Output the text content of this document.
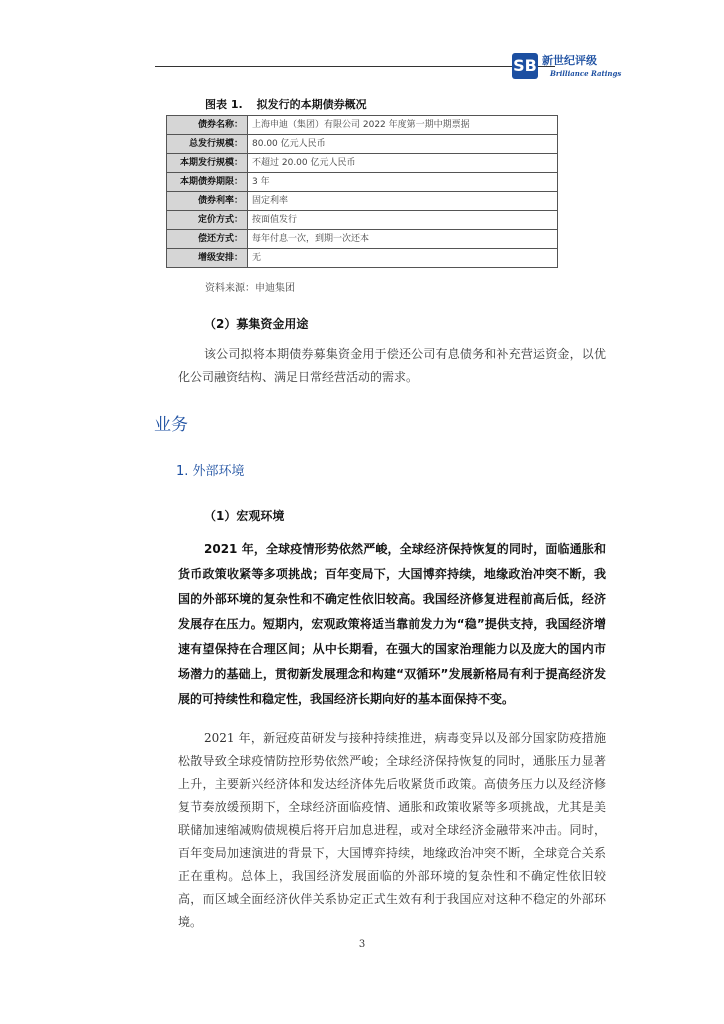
SB 新世纪评级
Brilliance Ratings
图表 1. 拟发行的本期债券概况
债券名称：	上海申迪（集团）有限公司 2022 年度第一期中期票据
总发行规模：	80.00 亿元人民币
本期发行规模：	不超过 20.00 亿元人民币
本期债券期限：	3 年
债券利率：	固定利率
定价方式：	按面值发行
偿还方式：	每年付息一次，到期一次还本
增级安排：	无
资料来源：申迪集团
（2）募集资金用途

该公司拟将本期债券募集资金用于偿还公司有息债务和补充营运资金，以优化公司融资结构、满足日常经营活动的需求。

业务
1. 外部环境
（1）宏观环境

2021 年，全球疫情形势依然严峻，全球经济保持恢复的同时，面临通胀和货币政策收紧等多项挑战；百年变局下，大国博弈持续，地缘政治冲突不断，我国的外部环境的复杂性和不确定性依旧较高。我国经济修复进程前高后低，经济发展存在压力。短期内，宏观政策将适当靠前发力为“稳”提供支持，我国经济增速有望保持在合理区间；从中长期看，在强大的国家治理能力以及庞大的国内市场潜力的基础上，贯彻新发展理念和构建“双循环”发展新格局有利于提高经济发展的可持续性和稳定性，我国经济长期向好的基本面保持不变。

2021 年，新冠疫苗研发与接种持续推进，病毒变异以及部分国家防疫措施松散导致全球疫情防控形势依然严峻；全球经济保持恢复的同时，通胀压力显著上升，主要新兴经济体和发达经济体先后收紧货币政策。高债务压力以及经济修复节奏放缓预期下，全球经济面临疫情、通胀和政策收紧等多项挑战，尤其是美联储加速缩减购债规模后将开启加息进程，或对全球经济金融带来冲击。同时，百年变局加速演进的背景下，大国博弈持续，地缘政治冲突不断，全球竞合关系正在重构。总体上，我国经济发展面临的外部环境的复杂性和不确定性依旧较高，而区域全面经济伙伴关系协定正式生效有利于我国应对这种不稳定的外部环境。

3
